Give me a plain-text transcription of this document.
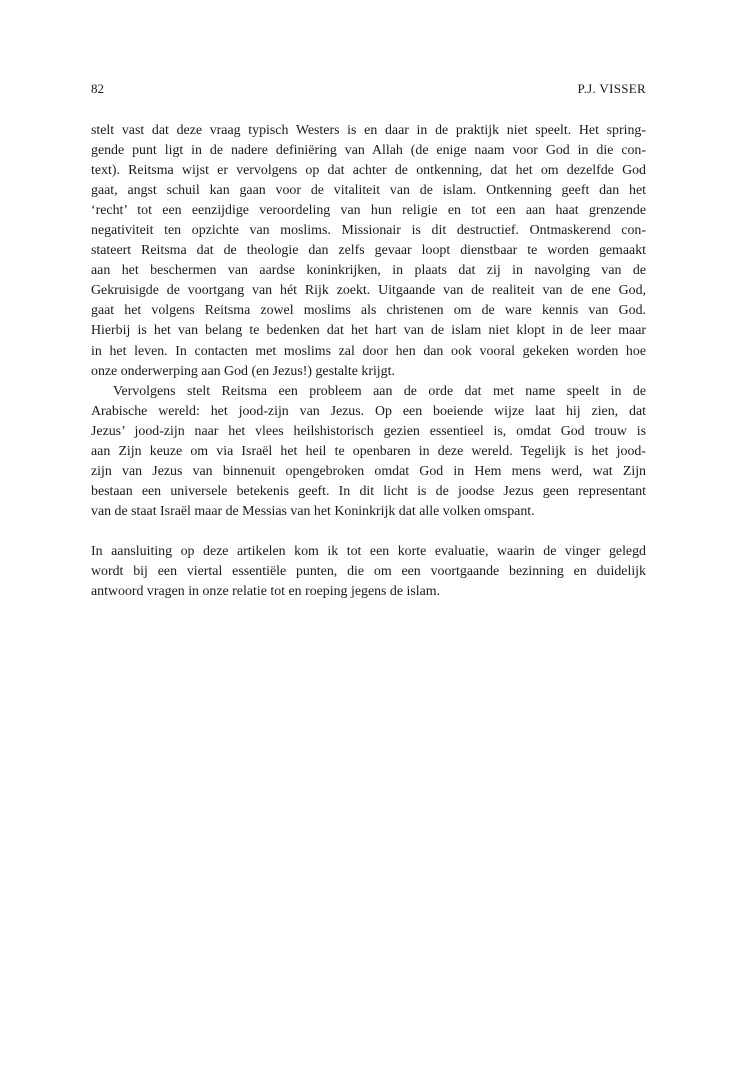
82	P.J. VISSER
stelt vast dat deze vraag typisch Westers is en daar in de praktijk niet speelt. Het spring-
gende punt ligt in de nadere definiëring van Allah (de enige naam voor God in die con-
text). Reitsma wijst er vervolgens op dat achter de ontkenning, dat het om dezelfde God
gaat, angst schuil kan gaan voor de vitaliteit van de islam. Ontkenning geeft dan het
‘recht’ tot een eenzijdige veroordeling van hun religie en tot een aan haat grenzende
negativiteit ten opzichte van moslims. Missionair is dit destructief. Ontmaskerend con-
stateert Reitsma dat de theologie dan zelfs gevaar loopt dienstbaar te worden gemaakt
aan het beschermen van aardse koninkrijken, in plaats dat zij in navolging van de
Gekruisigde de voortgang van hét Rijk zoekt. Uitgaande van de realiteit van de ene God,
gaat het volgens Reitsma zowel moslims als christenen om de ware kennis van God.
Hierbij is het van belang te bedenken dat het hart van de islam niet klopt in de leer maar
in het leven. In contacten met moslims zal door hen dan ook vooral gekeken worden hoe
onze onderwerping aan God (en Jezus!) gestalte krijgt.
Vervolgens stelt Reitsma een probleem aan de orde dat met name speelt in de
Arabische wereld: het jood-zijn van Jezus. Op een boeiende wijze laat hij zien, dat
Jezus’ jood-zijn naar het vlees heilshistorisch gezien essentieel is, omdat God trouw is
aan Zijn keuze om via Israël het heil te openbaren in deze wereld. Tegelijk is het jood-
zijn van Jezus van binnenuit opengebroken omdat God in Hem mens werd, wat Zijn
bestaan een universele betekenis geeft. In dit licht is de joodse Jezus geen representant
van de staat Israël maar de Messias van het Koninkrijk dat alle volken omspant.
In aansluiting op deze artikelen kom ik tot een korte evaluatie, waarin de vinger gelegd
wordt bij een viertal essentiële punten, die om een voortgaande bezinning en duidelijk
antwoord vragen in onze relatie tot en roeping jegens de islam.
